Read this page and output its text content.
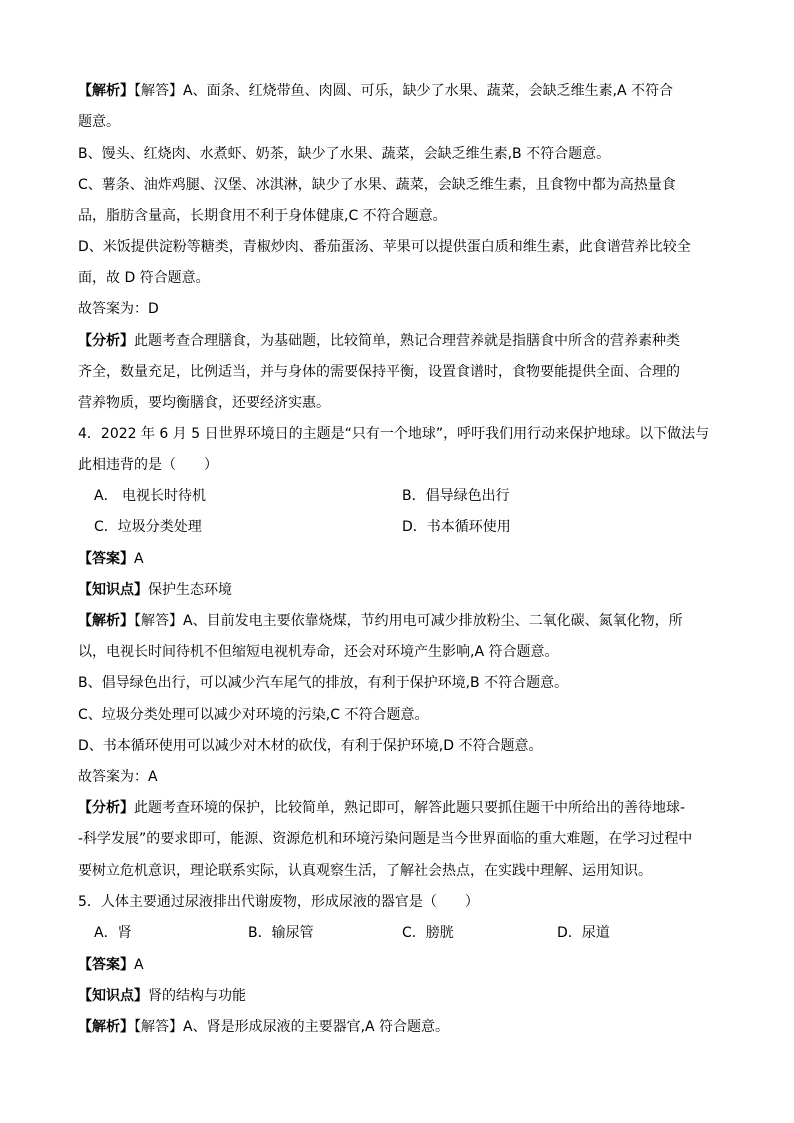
【解析】【解答】A、面条、红烧带鱼、肉圆、可乐，缺少了水果、蔬菜，会缺乏维生素,A 不符合
题意。
B、馒头、红烧肉、水煮虾、奶茶，缺少了水果、蔬菜，会缺乏维生素,B 不符合题意。
C、薯条、油炸鸡腿、汉堡、冰淇淋，缺少了水果、蔬菜，会缺乏维生素，且食物中都为高热量食
品，脂肪含量高，长期食用不利于身体健康,C 不符合题意。
D、米饭提供淀粉等糖类，青椒炒肉、番茄蛋汤、苹果可以提供蛋白质和维生素，此食谱营养比较全
面，故 D 符合题意。
故答案为：D
【分析】此题考查合理膳食，为基础题，比较简单，熟记合理营养就是指膳食中所含的营养素种类
齐全，数量充足，比例适当，并与身体的需要保持平衡，设置食谱时，食物要能提供全面、合理的
营养物质，要均衡膳食，还要经济实惠。
4．2022 年 6 月 5 日世界环境日的主题是“只有一个地球”，呼吁我们用行动来保护地球。以下做法与
此相违背的是（　　）
A． 电视长时待机	B．倡导绿色出行
C．垃圾分类处理	D．书本循环使用
【答案】A
【知识点】保护生态环境
【解析】【解答】A、目前发电主要依靠烧煤，节约用电可减少排放粉尘、二氧化碳、氮氧化物，所
以，电视长时间待机不但缩短电视机寿命，还会对环境产生影响,A 符合题意。
B、倡导绿色出行，可以减少汽车尾气的排放，有利于保护环境,B 不符合题意。
C、垃圾分类处理可以减少对环境的污染,C 不符合题意。
D、书本循环使用可以减少对木材的砍伐，有利于保护环境,D 不符合题意。
故答案为：A
【分析】此题考查环境的保护，比较简单，熟记即可，解答此题只要抓住题干中所给出的善待地球-
-科学发展”的要求即可，能源、资源危机和环境污染问题是当今世界面临的重大难题，在学习过程中
要树立危机意识，理论联系实际，认真观察生活，了解社会热点，在实践中理解、运用知识。
5．人体主要通过尿液排出代谢废物，形成尿液的器官是（　　）
A．肾	B．输尿管	C．膀胱	D．尿道
【答案】A
【知识点】肾的结构与功能
【解析】【解答】A、肾是形成尿液的主要器官,A 符合题意。
